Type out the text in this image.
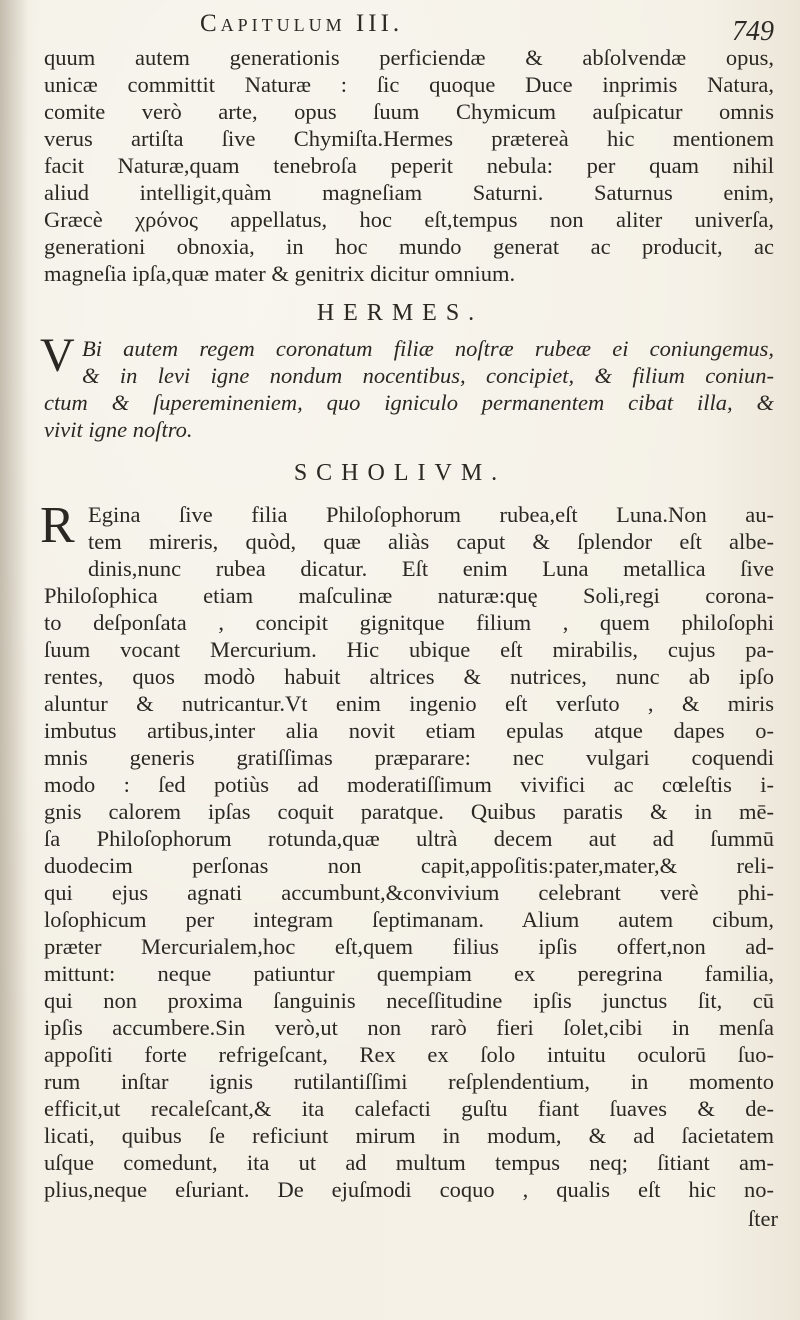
Capitulum III.	749
quum autem generationis perficiendæ & abſolvendæ opus,
unicæ committit Naturæ : ſic quoque Duce inprimis Natura,
comite verò arte, opus ſuum Chymicum auſpicatur omnis
verus artiſta ſive Chymiſta.Hermes prætereà hic mentionem
facit Naturæ,quam tenebroſa peperit nebula: per quam nihil
aliud intelligit,quàm magneſiam Saturni. Saturnus enim,
Græcè χρόνος appellatus, hoc eſt,tempus non aliter univerſa,
generationi obnoxia, in hoc mundo generat ac producit, ac
magneſia ipſa,quæ mater & genitrix dicitur omnium.
HERMES.
V Bi autem regem coronatum filiæ noſtræ rubeæ ei coniungemus,
& in levi igne nondum nocentibus, concipiet, & filium coniun-
ctum & ſuperemineniem, quo igniculo permanentem cibat illa, &
vivit igne noſtro.
SCHOLIVM.
R Egina ſive filia Philoſophorum rubea,eſt Luna.Non au-
tem mireris, quòd, quæ aliàs caput & ſplendor eſt albe-
dinis,nunc rubea dicatur. Eſt enim Luna metallica ſive
Philoſophica etiam maſculinæ naturæ:quę Soli,regi corona-
to deſponſata , concipit gignitque filium , quem philoſophi
ſuum vocant Mercurium. Hic ubique eſt mirabilis, cujus pa-
rentes, quos modò habuit altrices & nutrices, nunc ab ipſo
aluntur & nutricantur.Vt enim ingenio eſt verſuto , & miris
imbutus artibus,inter alia novit etiam epulas atque dapes o-
mnis generis gratiſſimas præparare: nec vulgari coquendi
modo : ſed potiùs ad moderatiſſimum vivifici ac cœleſtis i-
gnis calorem ipſas coquit paratque. Quibus paratis & in mē-
ſa Philoſophorum rotunda,quæ ultrà decem aut ad ſummū
duodecim perſonas non capit,appoſitis:pater,mater,& reli-
qui ejus agnati accumbunt,&convivium celebrant verè phi-
loſophicum per integram ſeptimanam. Alium autem cibum,
præter Mercurialem,hoc eſt,quem filius ipſis offert,non ad-
mittunt: neque patiuntur quempiam ex peregrina familia,
qui non proxima ſanguinis neceſſitudine ipſis junctus ſit, cū
ipſis accumbere.Sin verò,ut non rarò fieri ſolet,cibi in menſa
appoſiti forte refrigeſcant, Rex ex ſolo intuitu oculorū ſuo-
rum inſtar ignis rutilantiſſimi reſplendentium, in momento
efficit,ut recaleſcant,& ita calefacti guſtu fiant ſuaves & de-
licati, quibus ſe reficiunt mirum in modum, & ad ſacietatem
uſque comedunt, ita ut ad multum tempus neq; ſitiant am-
plius,neque eſuriant. De ejuſmodi coquo , qualis eſt hic no-
ſter
